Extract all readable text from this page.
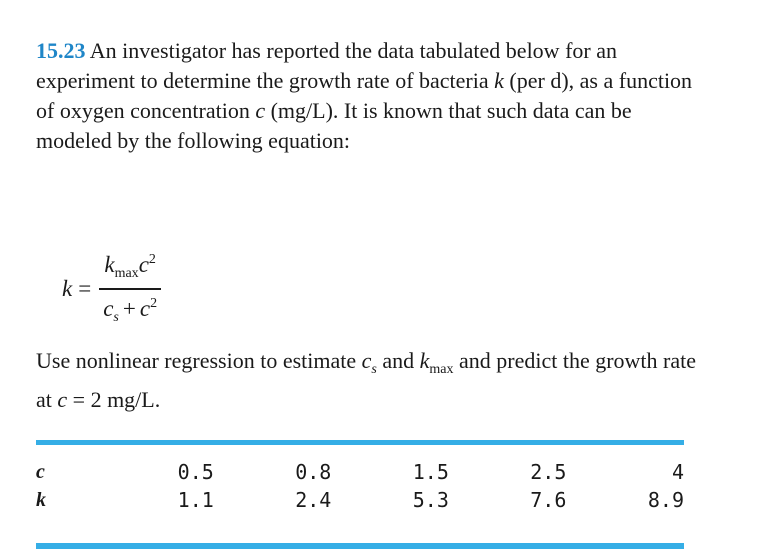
15.23 An investigator has reported the data tabulated below for an experiment to determine the growth rate of bacteria k (per d), as a function of oxygen concentration c (mg/L). It is known that such data can be modeled by the following equation:
$k = \frac{k_{max}c^2}{c_s + c^2}$
Use nonlinear regression to estimate $c_s$ and $k_{max}$ and predict the growth rate at c = 2 mg/L.
c	0.5	0.8	1.5	2.5	4
k	1.1	2.4	5.3	7.6	8.9
